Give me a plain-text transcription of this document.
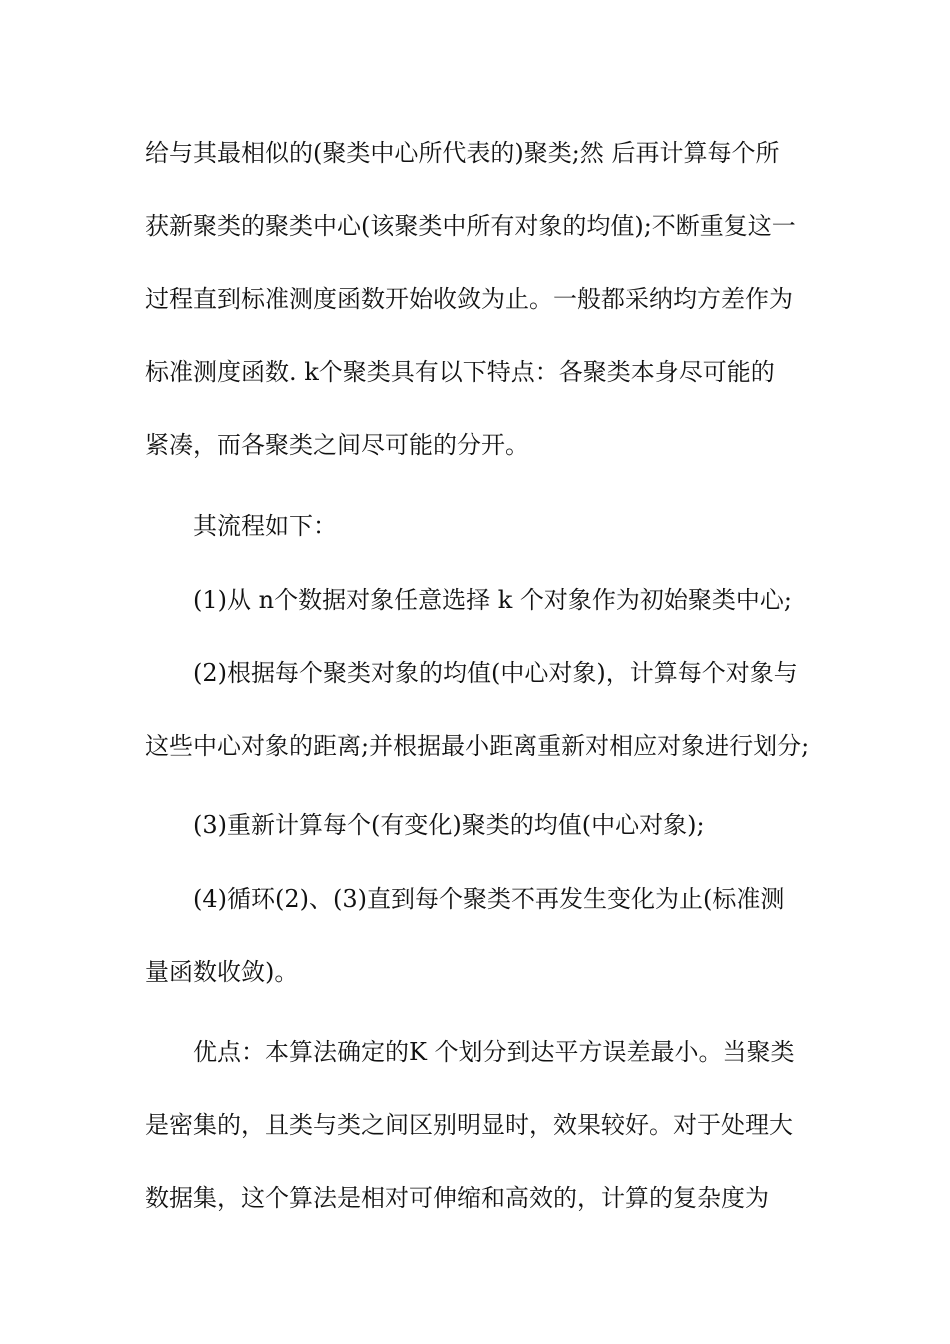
给与其最相似的(聚类中心所代表的)聚类;然 后再计算每个所
获新聚类的聚类中心(该聚类中所有对象的均值);不断重复这一
过程直到标准测度函数开始收敛为止。一般都采纳均方差作为
标准测度函数. k个聚类具有以下特点：各聚类本身尽可能的
紧凑，而各聚类之间尽可能的分开。
其流程如下：
(1)从 n个数据对象任意选择 k 个对象作为初始聚类中心;
(2)根据每个聚类对象的均值(中心对象)，计算每个对象与
这些中心对象的距离;并根据最小距离重新对相应对象进行划分;
(3)重新计算每个(有变化)聚类的均值(中心对象);
(4)循环(2)、(3)直到每个聚类不再发生变化为止(标准测
量函数收敛)。
优点：本算法确定的K 个划分到达平方误差最小。当聚类
是密集的，且类与类之间区别明显时，效果较好。对于处理大
数据集，这个算法是相对可伸缩和高效的，计算的复杂度为
